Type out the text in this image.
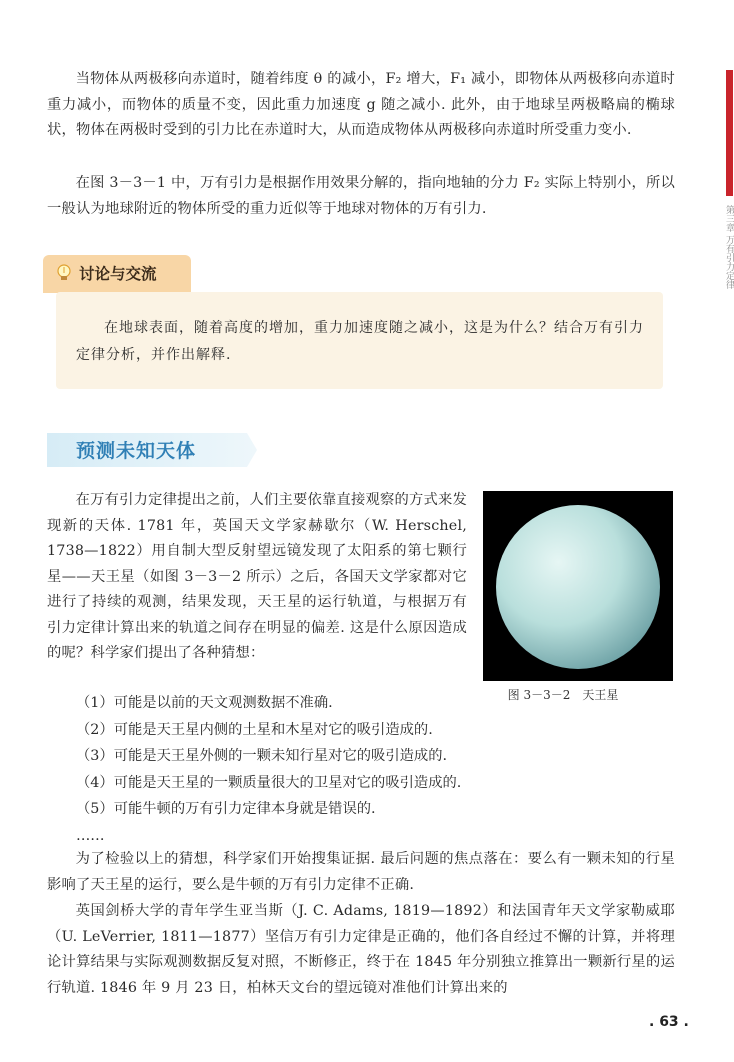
当物体从两极移向赤道时，随着纬度 θ 的减小，F₂ 增大，F₁ 减小，即物体从两极移向赤道时重力减小，而物体的质量不变，因此重力加速度 g 随之减小. 此外，由于地球呈两极略扁的椭球状，物体在两极时受到的引力比在赤道时大，从而造成物体从两极移向赤道时所受重力变小.

在图 3－3－1 中，万有引力是根据作用效果分解的，指向地轴的分力 F₂ 实际上特别小，所以一般认为地球附近的物体所受的重力近似等于地球对物体的万有引力.	第三章 万有引力定律
讨论与交流

在地球表面，随着高度的增加，重力加速度随之减小，这是为什么？结合万有引力定律分析，并作出解释.

预测未知天体

在万有引力定律提出之前，人们主要依靠直接观察的方式来发现新的天体. 1781 年，英国天文学家赫歇尔（W. Herschel, 1738—1822）用自制大型反射望远镜发现了太阳系的第七颗行星——天王星（如图 3－3－2 所示）之后，各国天文学家都对它进行了持续的观测，结果发现，天王星的运行轨道，与根据万有引力定律计算出来的轨道之间存在明显的偏差. 这是什么原因造成的呢？科学家们提出了各种猜想：

图 3－3－2　天王星
（1）可能是以前的天文观测数据不准确.
（2）可能是天王星内侧的土星和木星对它的吸引造成的.
（3）可能是天王星外侧的一颗未知行星对它的吸引造成的.
（4）可能是天王星的一颗质量很大的卫星对它的吸引造成的.
（5）可能牛顿的万有引力定律本身就是错误的.
……

为了检验以上的猜想，科学家们开始搜集证据. 最后问题的焦点落在：要么有一颗未知的行星影响了天王星的运行，要么是牛顿的万有引力定律不正确.

英国剑桥大学的青年学生亚当斯（J. C. Adams, 1819—1892）和法国青年天文学家勒威耶（U. LeVerrier, 1811—1877）坚信万有引力定律是正确的，他们各自经过不懈的计算，并将理论计算结果与实际观测数据反复对照，不断修正，终于在 1845 年分别独立推算出一颗新行星的运行轨道. 1846 年 9 月 23 日，柏林天文台的望远镜对准他们计算出来的

. 63 .
